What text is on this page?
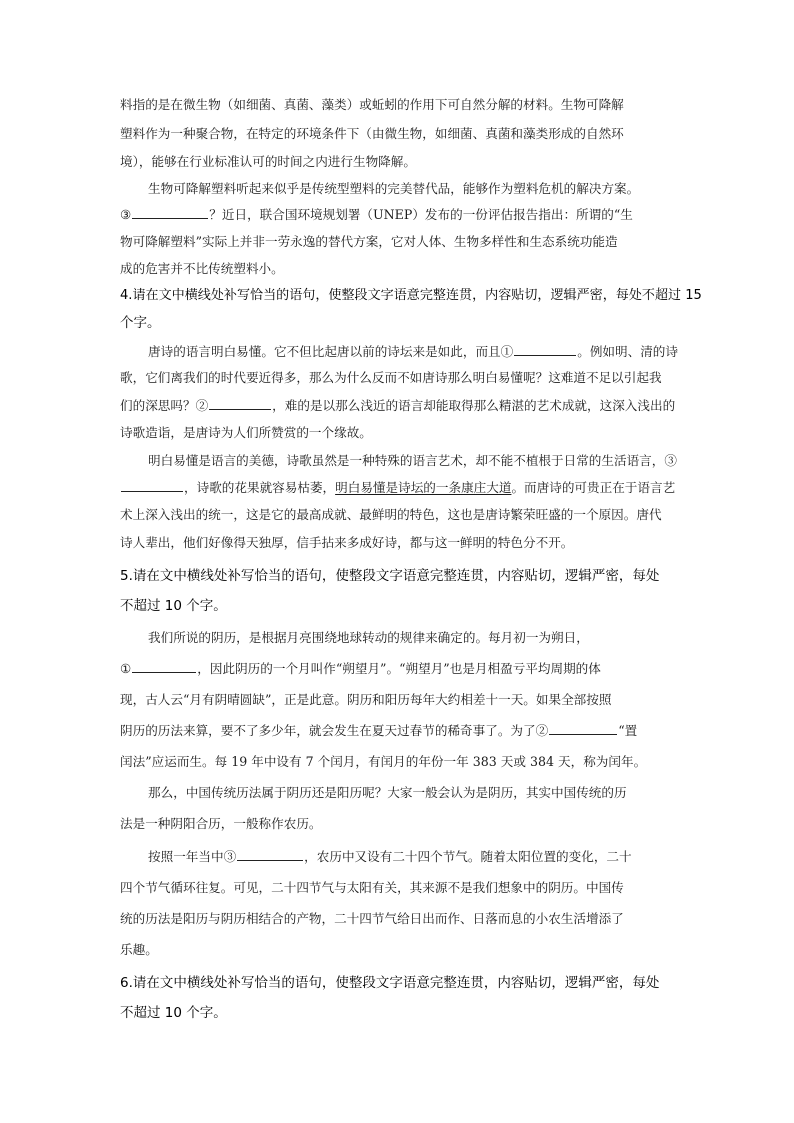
料指的是在微生物（如细菌、真菌、藻类）或蚯蚓的作用下可自然分解的材料。生物可降解
塑料作为一种聚合物，在特定的环境条件下（由微生物，如细菌、真菌和藻类形成的自然环
境），能够在行业标准认可的时间之内进行生物降解。
生物可降解塑料听起来似乎是传统型塑料的完美替代品，能够作为塑料危机的解决方案。
③	？近日，联合国环境规划署（UNEP）发布的一份评估报告指出：所谓的“生
物可降解塑料”实际上并非一劳永逸的替代方案，它对人体、生物多样性和生态系统功能造
成的危害并不比传统塑料小。
4.请在文中横线处补写恰当的语句，使整段文字语意完整连贯，内容贴切，逻辑严密，每处不超过 15
个字。
唐诗的语言明白易懂。它不但比起唐以前的诗坛来是如此，而且①	。例如明、清的诗
歌，它们离我们的时代要近得多，那么为什么反而不如唐诗那么明白易懂呢？这难道不足以引起我
们的深思吗？②	，难的是以那么浅近的语言却能取得那么精湛的艺术成就，这深入浅出的
诗歌造诣，是唐诗为人们所赞赏的一个缘故。
明白易懂是语言的美德，诗歌虽然是一种特殊的语言艺术，却不能不植根于日常的生活语言，③
，诗歌的花果就容易枯萎，明白易懂是诗坛的一条康庄大道。而唐诗的可贵正在于语言艺
术上深入浅出的统一，这是它的最高成就、最鲜明的特色，这也是唐诗繁荣旺盛的一个原因。唐代
诗人辈出，他们好像得天独厚，信手拈来多成好诗，都与这一鲜明的特色分不开。
5.请在文中横线处补写恰当的语句，使整段文字语意完整连贯，内容贴切，逻辑严密，每处
不超过 10 个字。
我们所说的阴历，是根据月亮围绕地球转动的规律来确定的。每月初一为朔日，
①	，因此阴历的一个月叫作“朔望月”。“朔望月”也是月相盈亏平均周期的体
现，古人云“月有阴晴圆缺”，正是此意。阴历和阳历每年大约相差十一天。如果全部按照
阴历的历法来算，要不了多少年，就会发生在夏天过春节的稀奇事了。为了②	“置
闰法”应运而生。每 19 年中设有 7 个闰月，有闰月的年份一年 383 天或 384 天，称为闰年。
那么，中国传统历法属于阴历还是阳历呢？大家一般会认为是阴历，其实中国传统的历
法是一种阴阳合历，一般称作农历。
按照一年当中③	，农历中又设有二十四个节气。随着太阳位置的变化，二十
四个节气循环往复。可见，二十四节气与太阳有关，其来源不是我们想象中的阴历。中国传
统的历法是阳历与阴历相结合的产物，二十四节气给日出而作、日落而息的小农生活增添了
乐趣。
6.请在文中横线处补写恰当的语句，使整段文字语意完整连贯，内容贴切，逻辑严密，每处
不超过 10 个字。
